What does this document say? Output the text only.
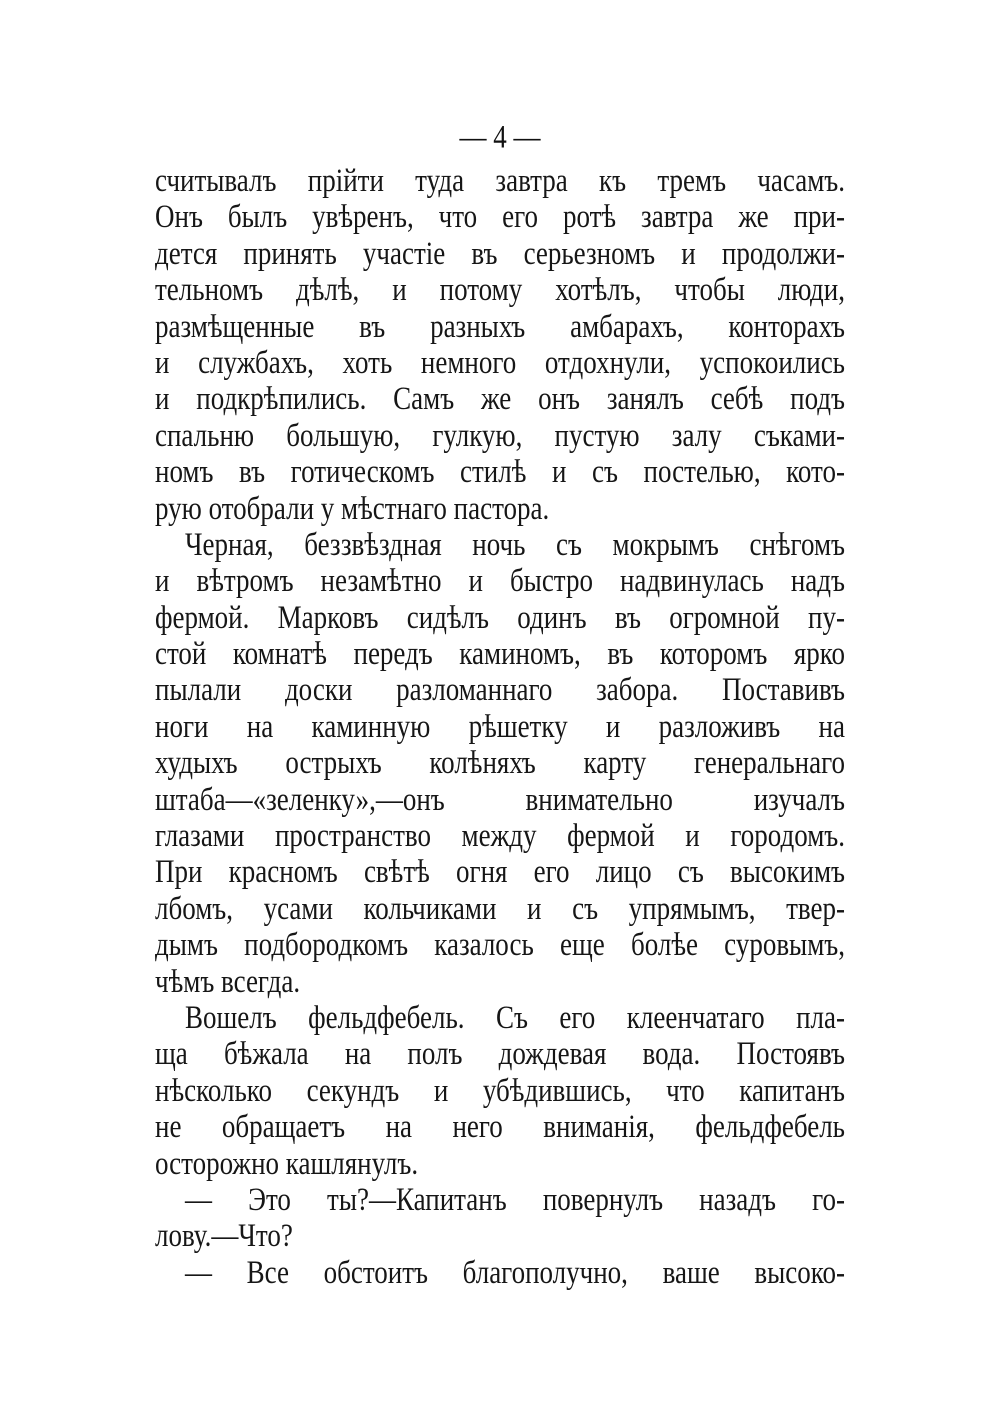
— 4 —
считывалъ прійти туда завтра къ тремъ часамъ.
Онъ былъ увѣренъ, что его ротѣ завтра же при-
дется принять участіе въ серьезномъ и продолжи-
тельномъ дѣлѣ, и потому хотѣлъ, чтобы люди,
размѣщенные въ разныхъ амбарахъ, конторахъ
и службахъ, хоть немного отдохнули, успокоились
и подкрѣпились. Самъ же онъ занялъ себѣ подъ
спальню большую, гулкую, пустую залу съками-
номъ въ готическомъ стилѣ и съ постелью, кото-
рую отобрали у мѣстнаго пастора.
Черная, беззвѣздная ночь съ мокрымъ снѣгомъ
и вѣтромъ незамѣтно и быстро надвинулась надъ
фермой. Марковъ сидѣлъ одинъ въ огромной пу-
стой комнатѣ передъ каминомъ, въ которомъ ярко
пылали доски разломаннаго забора. Поставивъ
ноги на каминную рѣшетку и разложивъ на
худыхъ острыхъ колѣняхъ карту генеральнаго
штаба—«зеленку»,—онъ внимательно изучалъ
глазами пространство между фермой и городомъ.
При красномъ свѣтѣ огня его лицо съ высокимъ
лбомъ, усами кольчиками и съ упрямымъ, твер-
дымъ подбородкомъ казалось еще болѣе суровымъ,
чѣмъ всегда.
Вошелъ фельдфебель. Съ его клеенчатаго пла-
ща бѣжала на полъ дождевая вода. Постоявъ
нѣсколько секундъ и убѣдившись, что капитанъ
не обращаетъ на него вниманія, фельдфебель
осторожно кашлянулъ.
— Это ты?—Капитанъ повернулъ назадъ го-
лову.—Что?
— Все обстоитъ благополучно, ваше высоко-
